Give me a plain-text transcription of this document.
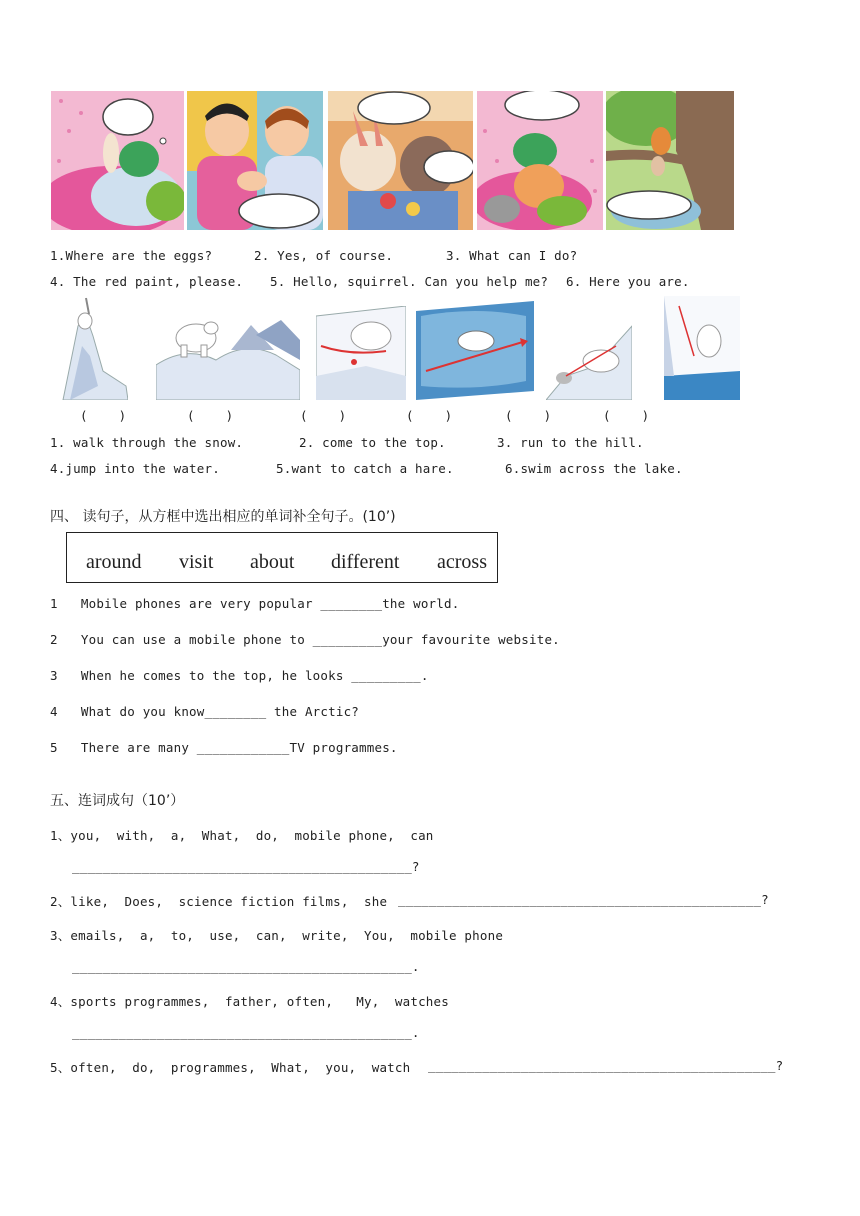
1.Where are the eggs?	2. Yes, of course.	3. What can I do?
4. The red paint, please. 5. Hello, squirrel. Can you help me? 6. Here you are.
(    )	(    )	(    )	(    )	(    )	(    )
1. walk through the snow.	2. come to the top.	3. run to the hill.
4.jump into the water.	5.want to catch a hare.	6.swim across the lake.
四、 读句子，从方框中选出相应的单词补全句子。(10’)
around visit about different across
1   Mobile phones are very popular ________the world.
2   You can use a mobile phone to _________your favourite website.
3   When he comes to the top, he looks _________.
4   What do you know________ the Arctic?
5   There are many ____________TV programmes.
五、连词成句（10’）
1、you,  with,  a,  What,  do,  mobile phone,  can
____________________________________________?
2、like,  Does,  science fiction films,  she _______________________________________________?
3、emails,  a,  to,  use,  can,  write,  You,  mobile phone
____________________________________________.
4、sports programmes,  father, often,   My,  watches
____________________________________________.
5、often,  do,  programmes,  What,  you,  watch _____________________________________________?
